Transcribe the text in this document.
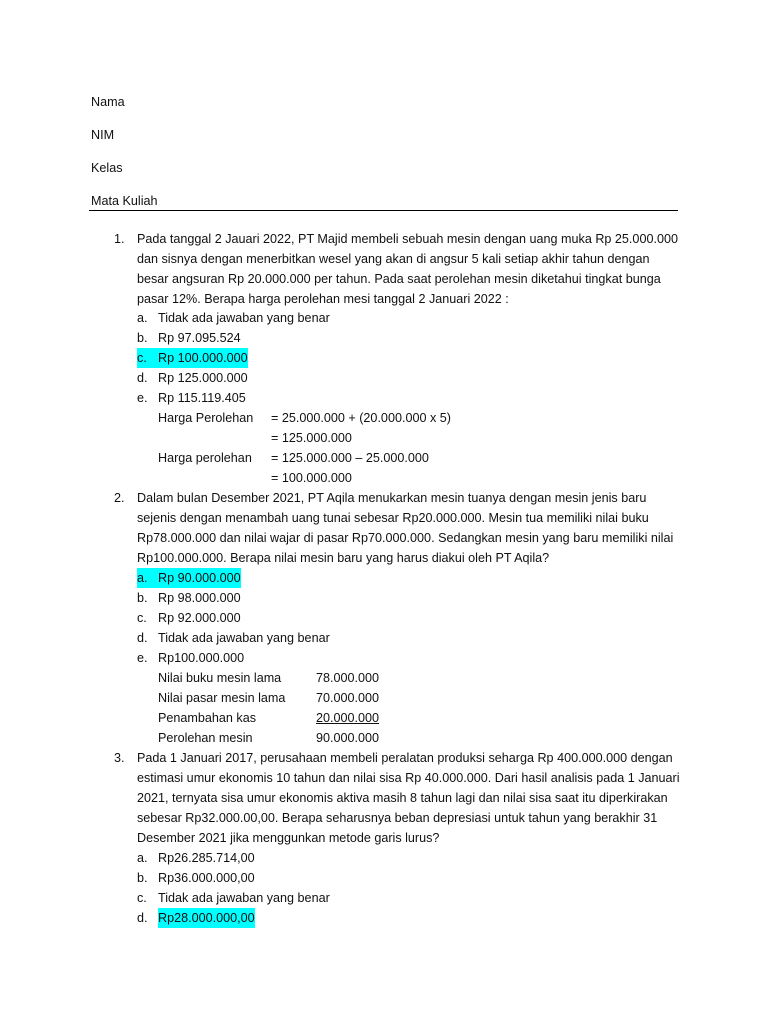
Nama
NIM
Kelas
Mata Kuliah
1. Pada tanggal 2 Jauari 2022, PT Majid membeli sebuah mesin dengan uang muka Rp 25.000.000 dan sisnya dengan menerbitkan wesel yang akan di angsur 5 kali setiap akhir tahun dengan besar angsuran Rp 20.000.000 per tahun. Pada saat perolehan mesin diketahui tingkat bunga pasar 12%. Berapa harga perolehan mesi tanggal 2 Januari 2022 :
a. Tidak ada jawaban yang benar
b. Rp 97.095.524
c. Rp 100.000.000
d. Rp 125.000.000
e. Rp 115.119.405
Harga Perolehan = 25.000.000 + (20.000.000 x 5)
= 125.000.000
Harga perolehan = 125.000.000 – 25.000.000
= 100.000.000
2. Dalam bulan Desember 2021, PT Aqila menukarkan mesin tuanya dengan mesin jenis baru sejenis dengan menambah uang tunai sebesar Rp20.000.000. Mesin tua memiliki nilai buku Rp78.000.000 dan nilai wajar di pasar Rp70.000.000. Sedangkan mesin yang baru memiliki nilai Rp100.000.000. Berapa nilai mesin baru yang harus diakui oleh PT Aqila?
a. Rp 90.000.000
b. Rp 98.000.000
c. Rp 92.000.000
d. Tidak ada jawaban yang benar
e. Rp100.000.000
Nilai buku mesin lama	78.000.000
Nilai pasar mesin lama 70.000.000
Penambahan kas	20.000.000
Perolehan mesin	90.000.000
3. Pada 1 Januari 2017, perusahaan membeli peralatan produksi seharga Rp 400.000.000 dengan estimasi umur ekonomis 10 tahun dan nilai sisa Rp 40.000.000. Dari hasil analisis pada 1 Januari 2021, ternyata sisa umur ekonomis aktiva masih 8 tahun lagi dan nilai sisa saat itu diperkirakan sebesar Rp32.000.00,00. Berapa seharusnya beban depresiasi untuk tahun yang berakhir 31 Desember 2021 jika menggunkan metode garis lurus?
a. Rp26.285.714,00
b. Rp36.000.000,00
c. Tidak ada jawaban yang benar
d. Rp28.000.000,00
